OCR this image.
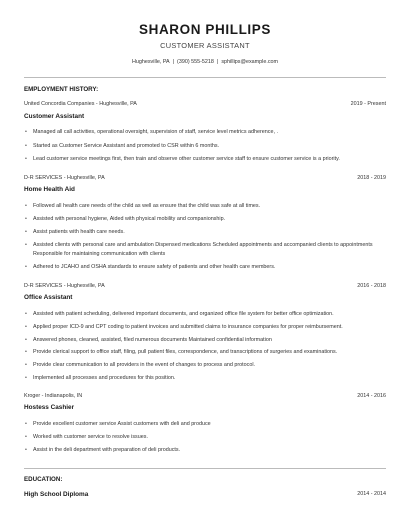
SHARON PHILLIPS
CUSTOMER ASSISTANT
Hughesville, PA | (390) 555-5218 | sphillips@example.com
EMPLOYMENT HISTORY:
United Concordia Companies - Hughesville, PA	2019 - Present
Customer Assistant
• Managed all call activities, operational oversight, supervision of staff, service level metrics adherence, .
• Started as Customer Service Assistant and promoted to CSR within 6 months.
• Lead customer service meetings first, then train and observe other customer service staff to ensure customer service is a priority.
D-R SERVICES - Hughesville, PA	2018 - 2019
Home Health Aid
• Followed all health care needs of the child as well as ensure that the child was safe at all times.
• Assisted with personal hygiene, Aided with physical mobility and companionship.
• Assist patients with health care needs.
• Assisted clients with personal care and ambulation Dispensed medications Scheduled appointments and accompanied clients to appointments Responsible for maintaining communication with clients
• Adhered to JCAHO and OSHA standards to ensure safety of patients and other health care members.
D-R SERVICES - Hughesville, PA	2016 - 2018
Office Assistant
• Assisted with patient scheduling, delivered important documents, and organized office file system for better office optimization.
• Applied proper ICD-9 and CPT coding to patient invoices and submitted claims to insurance companies for proper reimbursement.
• Answered phones, cleaned, assisted, filed numerous documents Maintained confidential information
• Provide clerical support to office staff, filing, pull patient files, correspondence, and transcriptions of surgeries and examinations.
• Provide clear communication to all providers in the event of changes to process and protocol.
• Implemented all processes and procedures for this position.
Kroger - Indianapolis, IN	2014 - 2016
Hostess Cashier
• Provide excellent customer service Assist customers with deli and produce
• Worked with customer service to resolve issues.
• Assist in the deli department with preparation of deli products.
EDUCATION:
High School Diploma	2014 - 2014
